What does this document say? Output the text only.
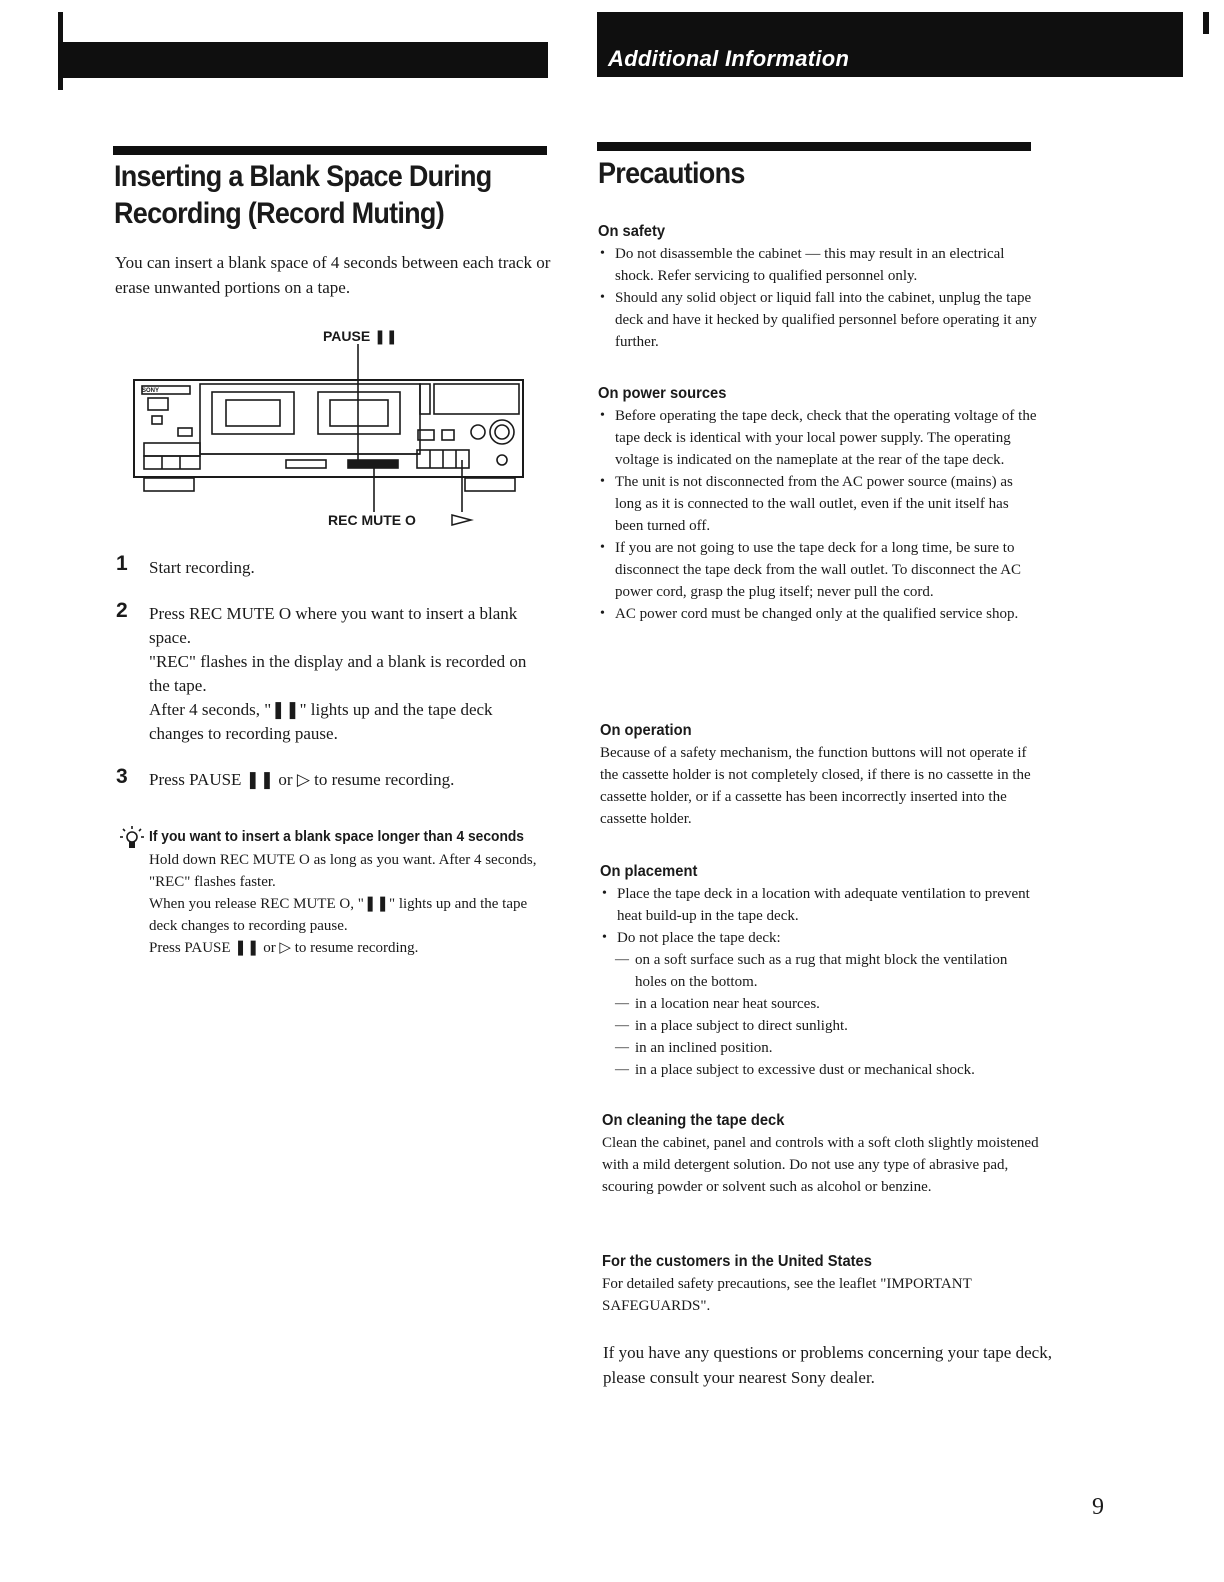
Additional Information
Inserting a Blank Space During
Recording (Record Muting)
You can insert a blank space of 4 seconds between each track or erase unwanted portions on a tape.
PAUSE ❚❚
REC MUTE O
SONY
1 Start recording.
2 Press REC MUTE O where you want to insert a blank space.
"REC" flashes in the display and a blank is recorded on the tape.
After 4 seconds, "❚❚" lights up and the tape deck changes to recording pause.
3 Press PAUSE ❚❚ or ▷ to resume recording.
If you want to insert a blank space longer than 4 seconds
Hold down REC MUTE O as long as you want. After 4 seconds, "REC" flashes faster.
When you release REC MUTE O, "❚❚" lights up and the tape deck changes to recording pause.
Press PAUSE ❚❚ or ▷ to resume recording.
Precautions
On safety
• Do not disassemble the cabinet — this may result in an electrical shock. Refer servicing to qualified personnel only.
• Should any solid object or liquid fall into the cabinet, unplug the tape deck and have it hecked by qualified personnel before operating it any further.
On power sources
• Before operating the tape deck, check that the operating voltage of the tape deck is identical with your local power supply. The operating voltage is indicated on the nameplate at the rear of the tape deck.
• The unit is not disconnected from the AC power source (mains) as long as it is connected to the wall outlet, even if the unit itself has been turned off.
• If you are not going to use the tape deck for a long time, be sure to disconnect the tape deck from the wall outlet. To disconnect the AC power cord, grasp the plug itself; never pull the cord.
• AC power cord must be changed only at the qualified service shop.
On operation

Because of a safety mechanism, the function buttons will not operate if the cassette holder is not completely closed, if there is no cassette in the cassette holder, or if a cassette has been incorrectly inserted into the cassette holder.

On placement
• Place the tape deck in a location with adequate ventilation to prevent heat build-up in the tape deck.
• Do not place the tape deck:
— on a soft surface such as a rug that might block the ventilation holes on the bottom.
— in a location near heat sources.
— in a place subject to direct sunlight.
— in an inclined position.
— in a place subject to excessive dust or mechanical shock.
On cleaning the tape deck

Clean the cabinet, panel and controls with a soft cloth slightly moistened with a mild detergent solution. Do not use any type of abrasive pad, scouring powder or solvent such as alcohol or benzine.

For the customers in the United States

For detailed safety precautions, see the leaflet "IMPORTANT SAFEGUARDS".

If you have any questions or problems concerning your tape deck, please consult your nearest Sony dealer.
9
